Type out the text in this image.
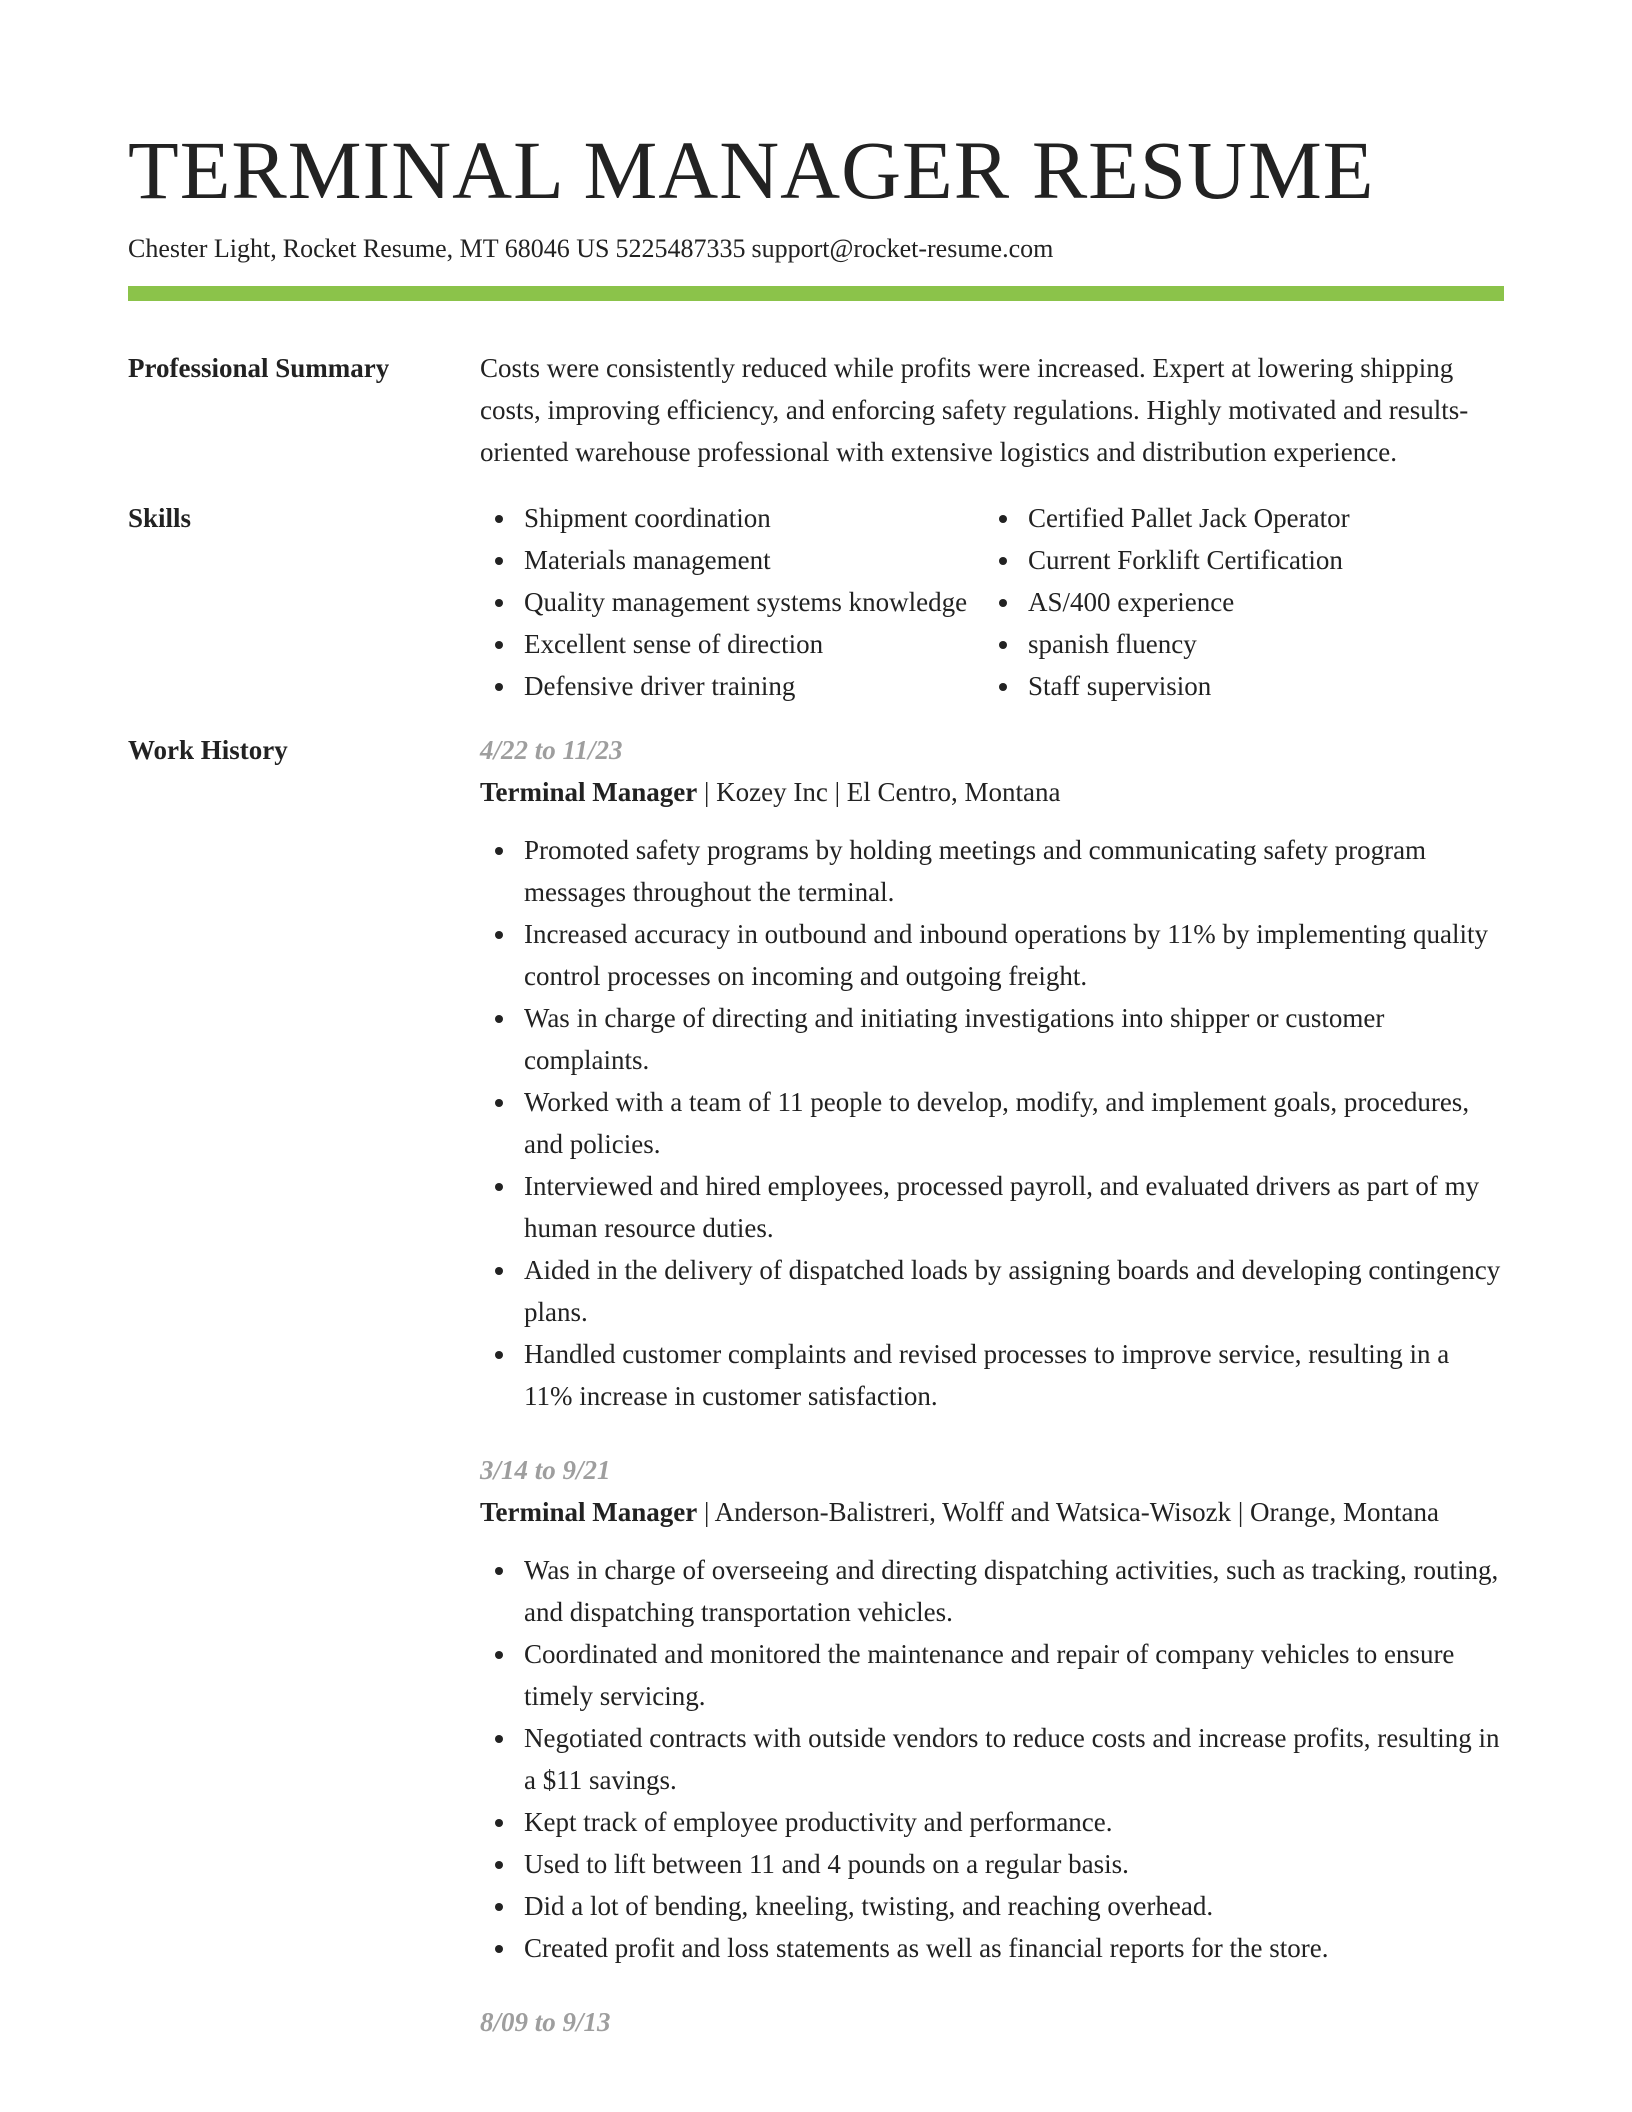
TERMINAL MANAGER RESUME
Chester Light, Rocket Resume, MT 68046 US 5225487335 support@rocket-resume.com
Professional Summary	Costs were consistently reduced while profits were increased. Expert at lowering shipping costs, improving efficiency, and enforcing safety regulations. Highly motivated and results-oriented warehouse professional with extensive logistics and distribution experience.
Skills	Shipment coordination
Materials management
Quality management systems knowledge
Excellent sense of direction
Defensive driver training
Certified Pallet Jack Operator
Current Forklift Certification
AS/400 experience
spanish fluency
Staff supervision
Work History	4/22 to 11/23
Terminal Manager | Kozey Inc | El Centro, Montana
Promoted safety programs by holding meetings and communicating safety program messages throughout the terminal.
Increased accuracy in outbound and inbound operations by 11% by implementing quality control processes on incoming and outgoing freight.
Was in charge of directing and initiating investigations into shipper or customer complaints.
Worked with a team of 11 people to develop, modify, and implement goals, procedures, and policies.
Interviewed and hired employees, processed payroll, and evaluated drivers as part of my human resource duties.
Aided in the delivery of dispatched loads by assigning boards and developing contingency plans.
Handled customer complaints and revised processes to improve service, resulting in a 11% increase in customer satisfaction.
3/14 to 9/21
Terminal Manager | Anderson-Balistreri, Wolff and Watsica-Wisozk | Orange, Montana
Was in charge of overseeing and directing dispatching activities, such as tracking, routing, and dispatching transportation vehicles.
Coordinated and monitored the maintenance and repair of company vehicles to ensure timely servicing.
Negotiated contracts with outside vendors to reduce costs and increase profits, resulting in a $11 savings.
Kept track of employee productivity and performance.
Used to lift between 11 and 4 pounds on a regular basis.
Did a lot of bending, kneeling, twisting, and reaching overhead.
Created profit and loss statements as well as financial reports for the store.
8/09 to 9/13
